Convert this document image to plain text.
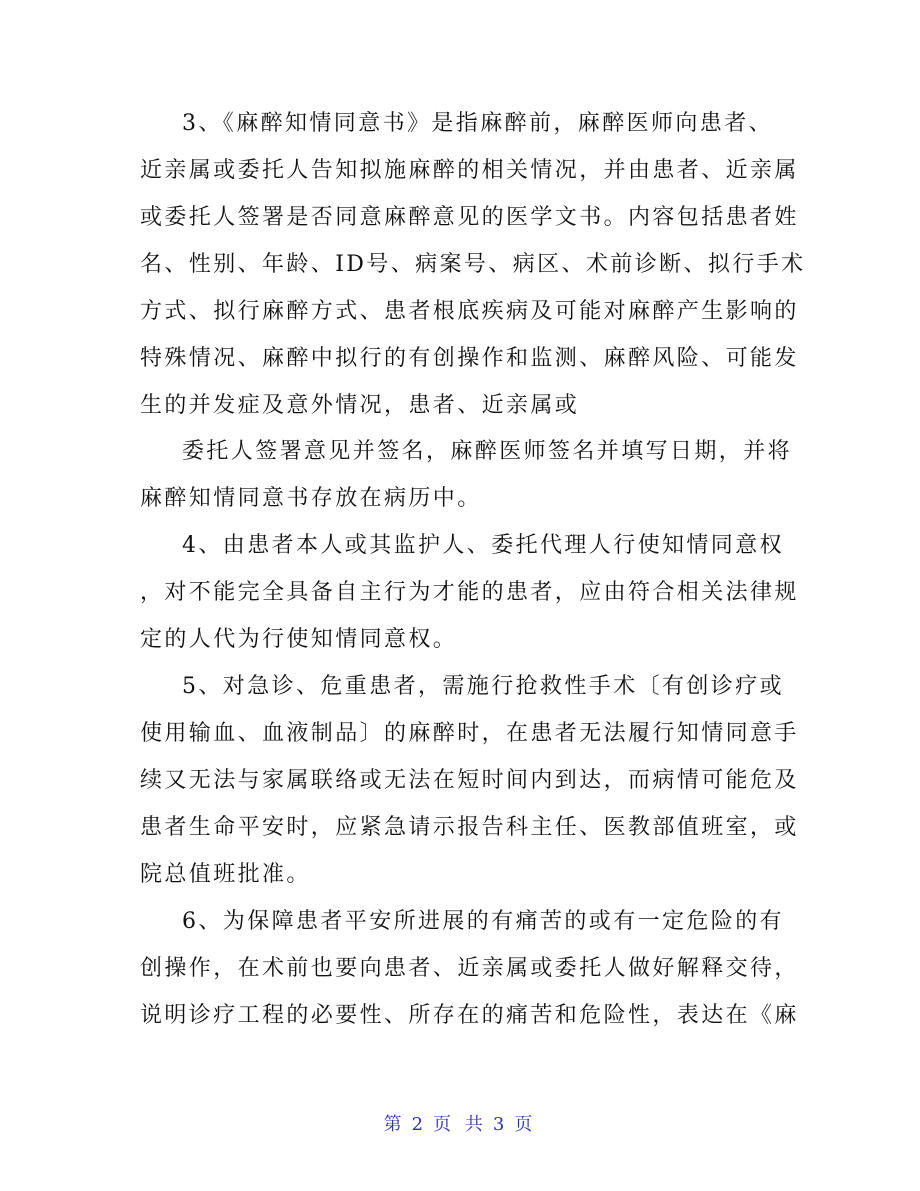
3、《麻醉知情同意书》是指麻醉前，麻醉医师向患者、
近亲属或委托人告知拟施麻醉的相关情况，并由患者、近亲属
或委托人签署是否同意麻醉意见的医学文书。内容包括患者姓
名、性别、年龄、ID号、病案号、病区、术前诊断、拟行手术
方式、拟行麻醉方式、患者根底疾病及可能对麻醉产生影响的
特殊情况、麻醉中拟行的有创操作和监测、麻醉风险、可能发
生的并发症及意外情况，患者、近亲属或
委托人签署意见并签名，麻醉医师签名并填写日期，并将
麻醉知情同意书存放在病历中。
4、由患者本人或其监护人、委托代理人行使知情同意权
，对不能完全具备自主行为才能的患者，应由符合相关法律规
定的人代为行使知情同意权。
5、对急诊、危重患者，需施行抢救性手术〔有创诊疗或
使用输血、血液制品〕的麻醉时，在患者无法履行知情同意手
续又无法与家属联络或无法在短时间内到达，而病情可能危及
患者生命平安时，应紧急请示报告科主任、医教部值班室，或
院总值班批准。
6、为保障患者平安所进展的有痛苦的或有一定危险的有
创操作，在术前也要向患者、近亲属或委托人做好解释交待，
说明诊疗工程的必要性、所存在的痛苦和危险性，表达在《麻
第 2 页 共 3 页
